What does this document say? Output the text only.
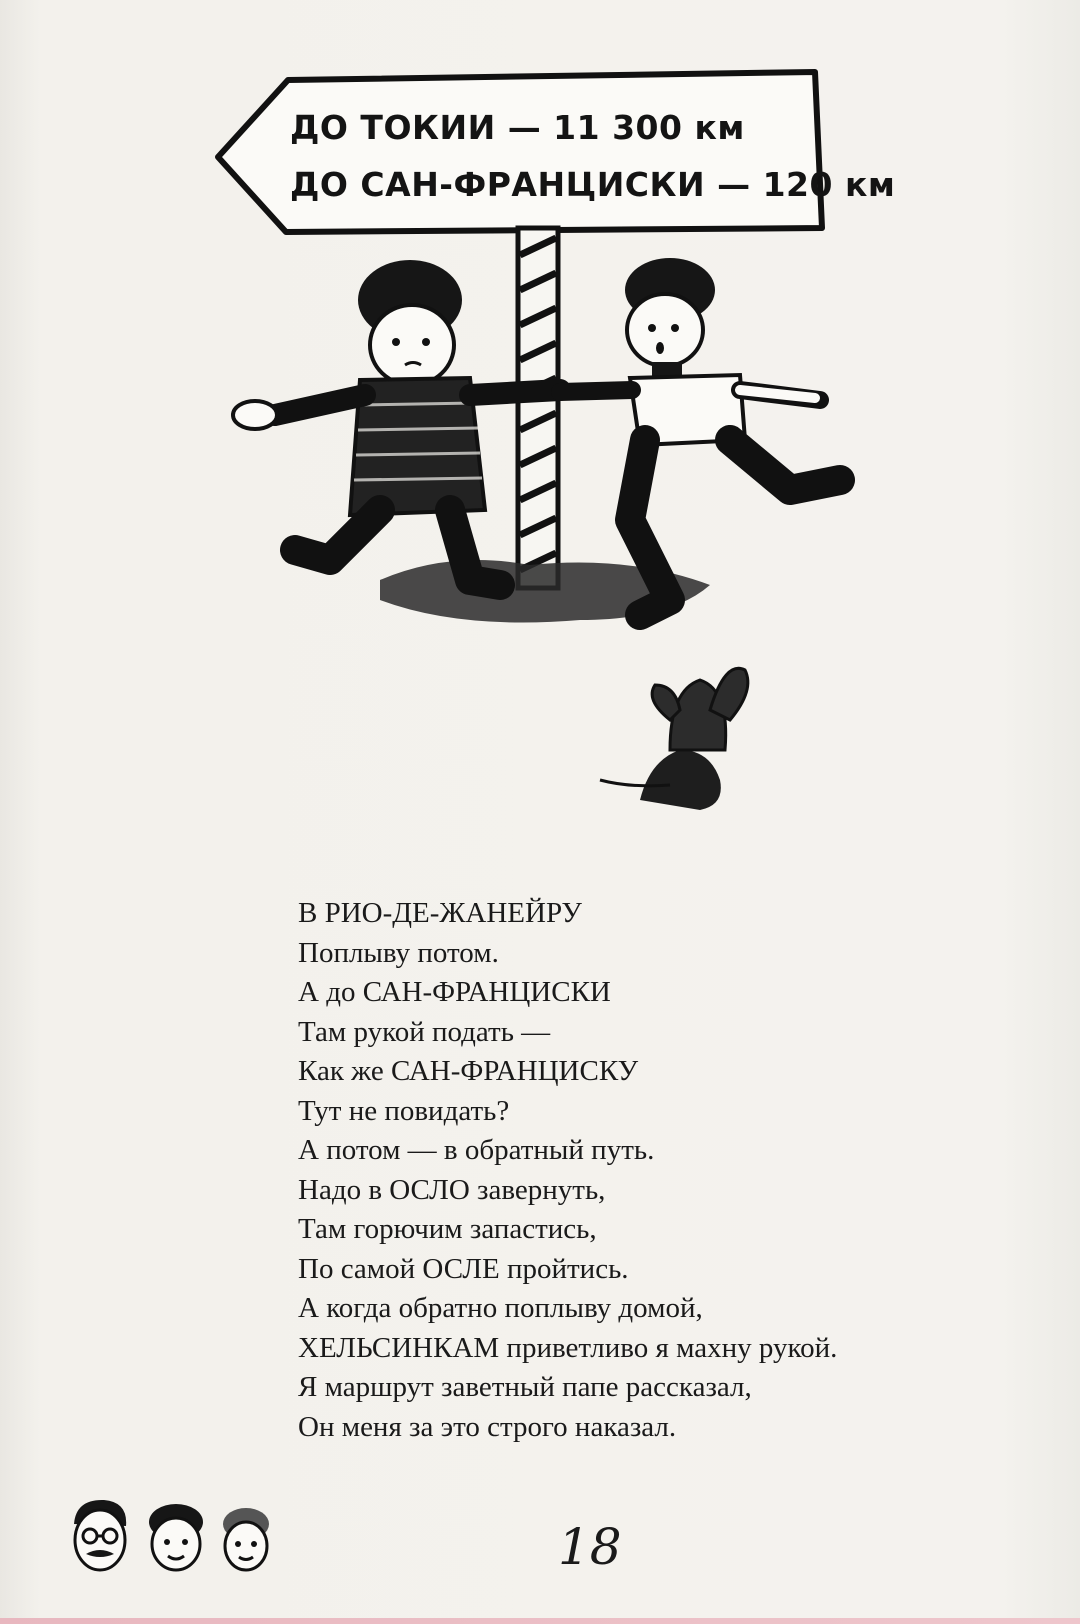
ДО ТОКИИ — 11 300 км
ДО САН-ФРАНЦИСКИ — 120 км
В РИО-ДЕ-ЖАНЕЙРУ
Поплыву потом.
А до САН-ФРАНЦИСКИ
Там рукой подать —
Как же САН-ФРАНЦИСКУ
Тут не повидать?
А потом — в обратный путь.
Надо в ОСЛО завернуть,
Там горючим запастись,
По самой ОСЛЕ пройтись.
А когда обратно поплыву домой,
ХЕЛЬСИНКАМ приветливо я махну рукой.
Я маршрут заветный папе рассказал,
Он меня за это строго наказал.
18
